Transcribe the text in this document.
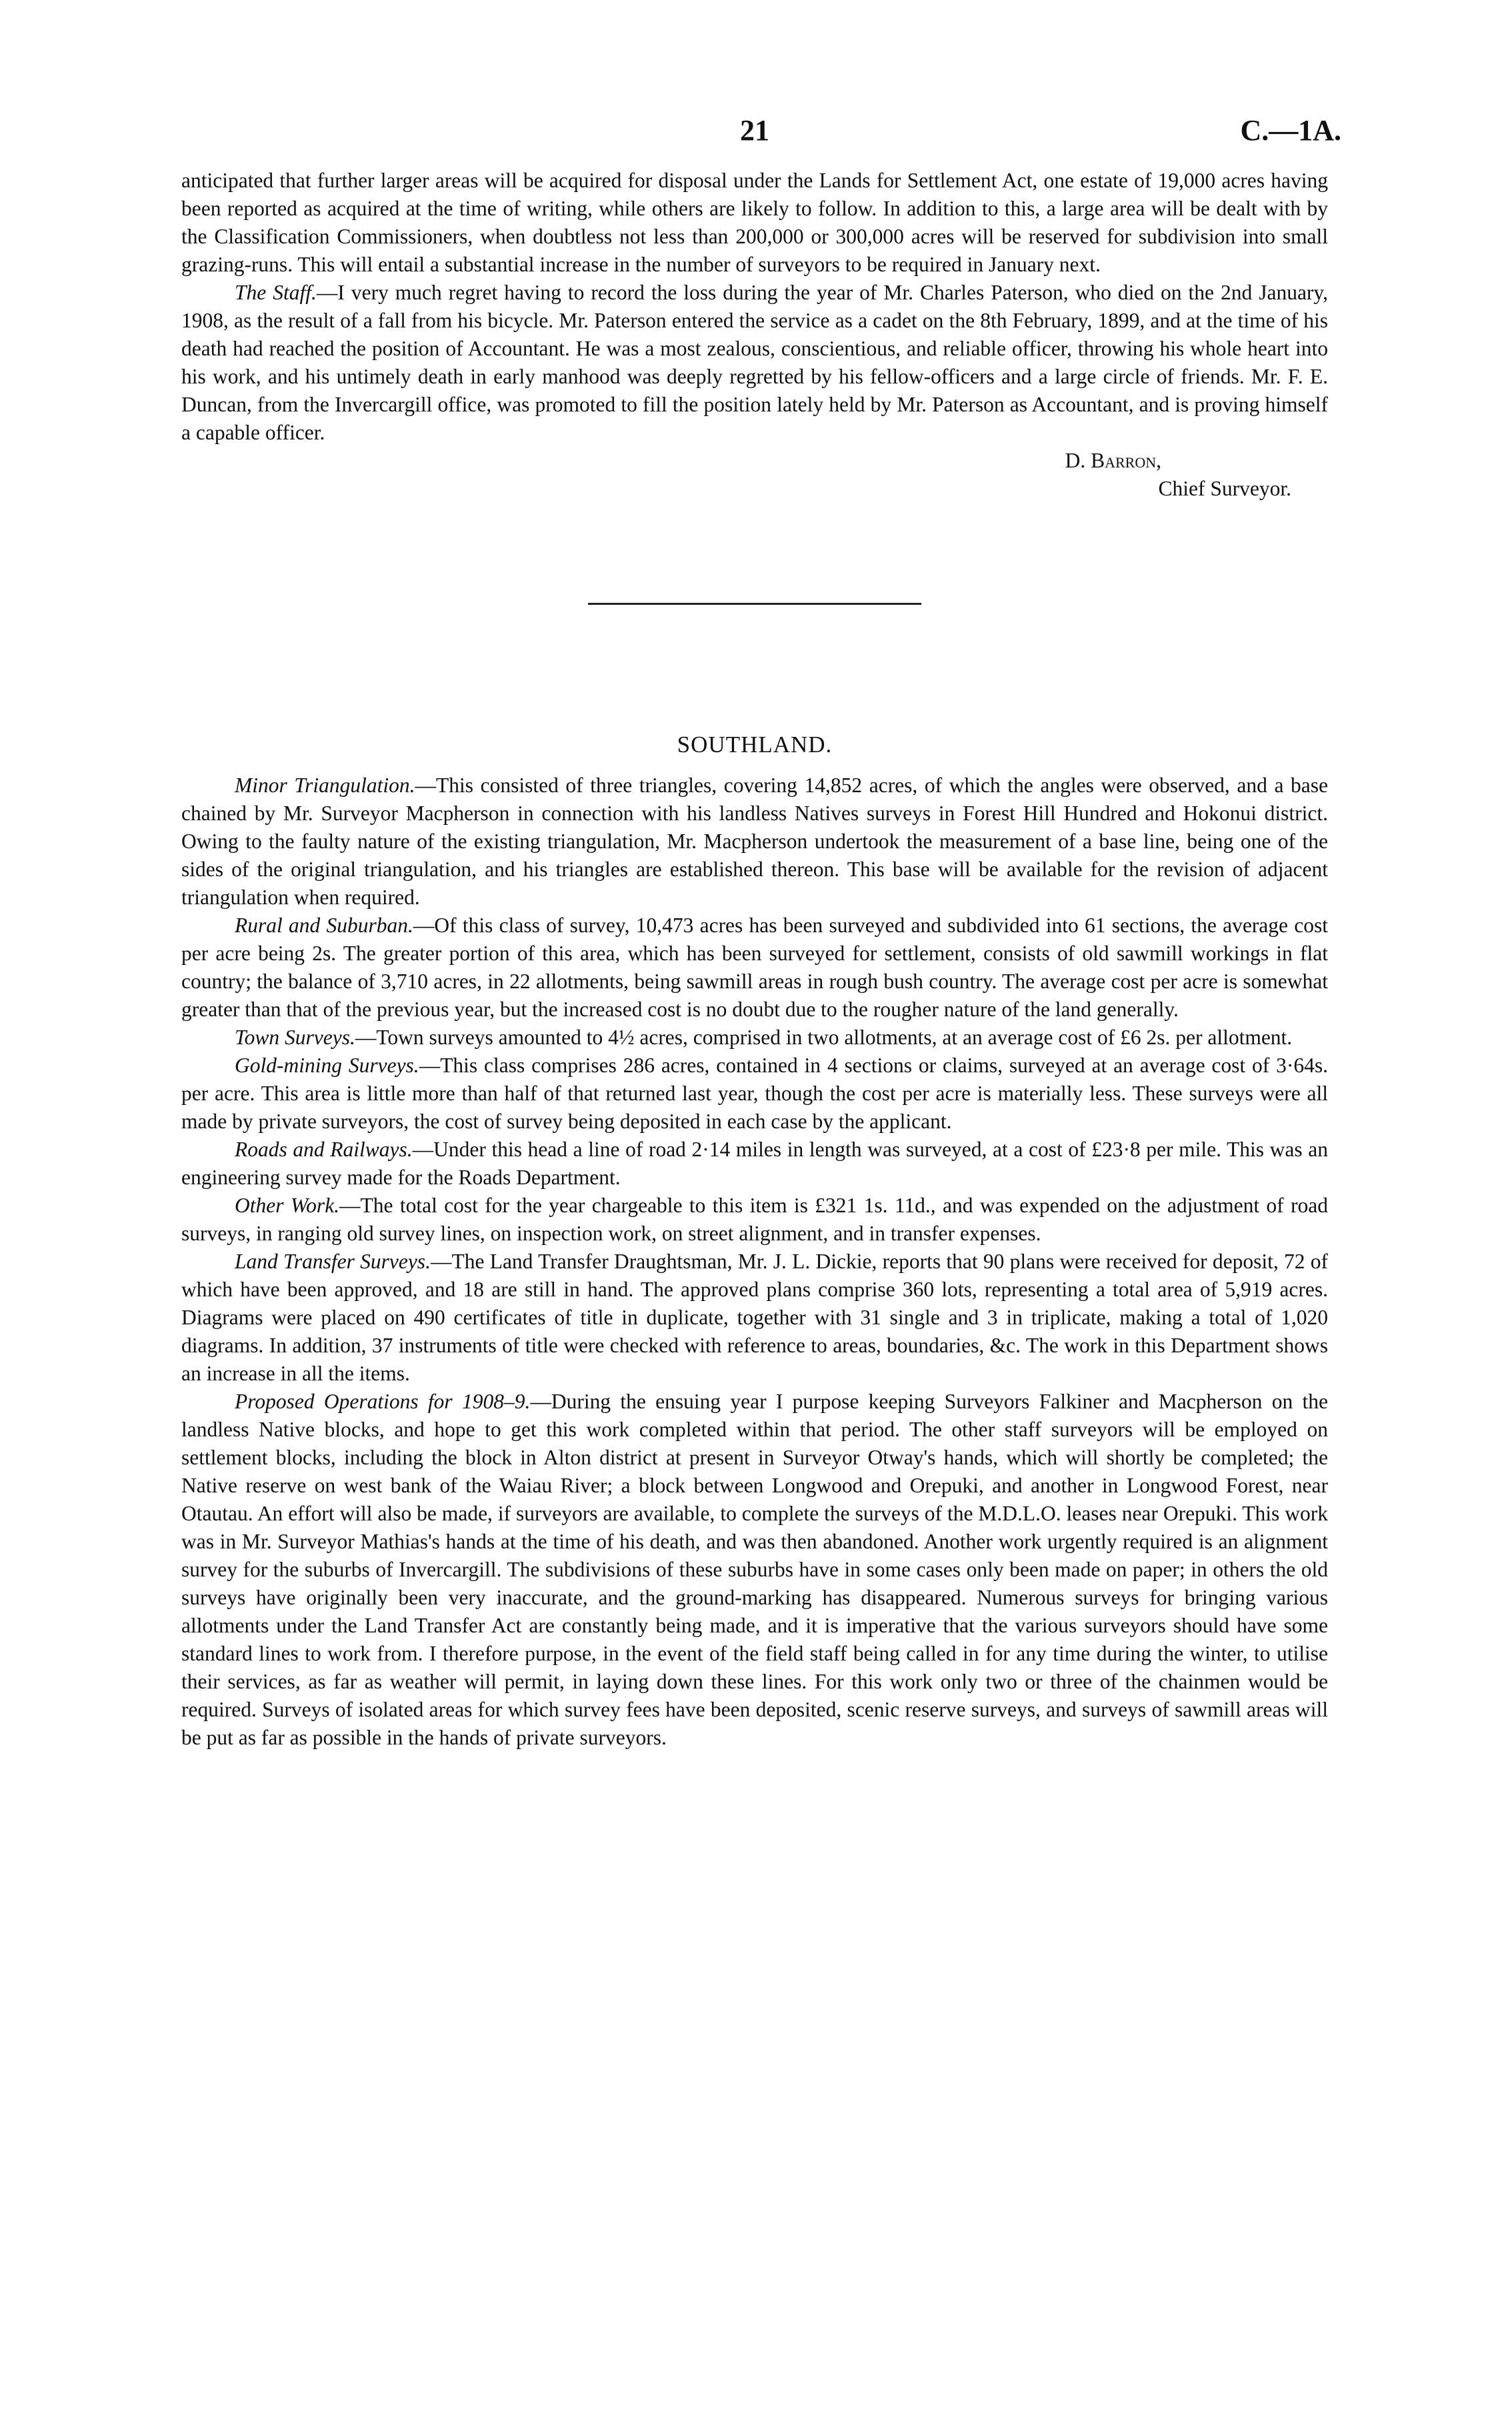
21	C.—1A.

anticipated that further larger areas will be acquired for disposal under the Lands for Settlement Act, one estate of 19,000 acres having been reported as acquired at the time of writing, while others are likely to follow. In addition to this, a large area will be dealt with by the Classification Commissioners, when doubtless not less than 200,000 or 300,000 acres will be reserved for subdivision into small grazing-runs. This will entail a substantial increase in the number of surveyors to be required in January next.

The Staff.—I very much regret having to record the loss during the year of Mr. Charles Paterson, who died on the 2nd January, 1908, as the result of a fall from his bicycle. Mr. Paterson entered the service as a cadet on the 8th February, 1899, and at the time of his death had reached the position of Accountant. He was a most zealous, conscientious, and reliable officer, throwing his whole heart into his work, and his untimely death in early manhood was deeply regretted by his fellow-officers and a large circle of friends. Mr. F. E. Duncan, from the Invercargill office, was promoted to fill the position lately held by Mr. Paterson as Accountant, and is proving himself a capable officer.

D. Barron,
Chief Surveyor.
SOUTHLAND.

Minor Triangulation.—This consisted of three triangles, covering 14,852 acres, of which the angles were observed, and a base chained by Mr. Surveyor Macpherson in connection with his landless Natives surveys in Forest Hill Hundred and Hokonui district. Owing to the faulty nature of the existing triangulation, Mr. Macpherson undertook the measurement of a base line, being one of the sides of the original triangulation, and his triangles are established thereon. This base will be available for the revision of adjacent triangulation when required.

Rural and Suburban.—Of this class of survey, 10,473 acres has been surveyed and subdivided into 61 sections, the average cost per acre being 2s. The greater portion of this area, which has been surveyed for settlement, consists of old sawmill workings in flat country; the balance of 3,710 acres, in 22 allotments, being sawmill areas in rough bush country. The average cost per acre is somewhat greater than that of the previous year, but the increased cost is no doubt due to the rougher nature of the land generally.

Town Surveys.—Town surveys amounted to 4½ acres, comprised in two allotments, at an average cost of £6 2s. per allotment.

Gold-mining Surveys.—This class comprises 286 acres, contained in 4 sections or claims, surveyed at an average cost of 3·64s. per acre. This area is little more than half of that returned last year, though the cost per acre is materially less. These surveys were all made by private surveyors, the cost of survey being deposited in each case by the applicant.

Roads and Railways.—Under this head a line of road 2·14 miles in length was surveyed, at a cost of £23·8 per mile. This was an engineering survey made for the Roads Department.

Other Work.—The total cost for the year chargeable to this item is £321 1s. 11d., and was expended on the adjustment of road surveys, in ranging old survey lines, on inspection work, on street alignment, and in transfer expenses.

Land Transfer Surveys.—The Land Transfer Draughtsman, Mr. J. L. Dickie, reports that 90 plans were received for deposit, 72 of which have been approved, and 18 are still in hand. The approved plans comprise 360 lots, representing a total area of 5,919 acres. Diagrams were placed on 490 certificates of title in duplicate, together with 31 single and 3 in triplicate, making a total of 1,020 diagrams. In addition, 37 instruments of title were checked with reference to areas, boundaries, &c. The work in this Department shows an increase in all the items.

Proposed Operations for 1908–9.—During the ensuing year I purpose keeping Surveyors Falkiner and Macpherson on the landless Native blocks, and hope to get this work completed within that period. The other staff surveyors will be employed on settlement blocks, including the block in Alton district at present in Surveyor Otway's hands, which will shortly be completed; the Native reserve on west bank of the Waiau River; a block between Longwood and Orepuki, and another in Longwood Forest, near Otautau. An effort will also be made, if surveyors are available, to complete the surveys of the M.D.L.O. leases near Orepuki. This work was in Mr. Surveyor Mathias's hands at the time of his death, and was then abandoned. Another work urgently required is an alignment survey for the suburbs of Invercargill. The subdivisions of these suburbs have in some cases only been made on paper; in others the old surveys have originally been very inaccurate, and the ground-marking has disappeared. Numerous surveys for bringing various allotments under the Land Transfer Act are constantly being made, and it is imperative that the various surveyors should have some standard lines to work from. I therefore purpose, in the event of the field staff being called in for any time during the winter, to utilise their services, as far as weather will permit, in laying down these lines. For this work only two or three of the chainmen would be required. Surveys of isolated areas for which survey fees have been deposited, scenic reserve surveys, and surveys of sawmill areas will be put as far as possible in the hands of private surveyors.
